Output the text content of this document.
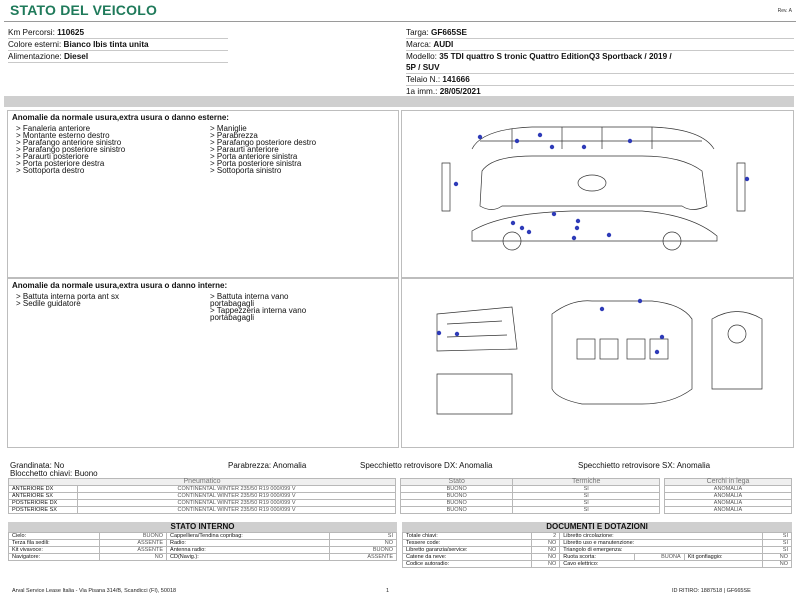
STATO DEL VEICOLO	Rev. A
Km Percorsi: 110625
Colore esterni: Bianco Ibis tinta unita
Alimentazione: Diesel
Targa: GF665SE
Marca: AUDI
Modello: 35 TDI quattro S tronic Quattro EditionQ3 Sportback / 2019 /
5P / SUV
Telaio N.: 141666
1a imm.: 28/05/2021
Anomalie da normale usura,extra usura o danno esterne:
> Fanaleria anteriore
> Montante esterno destro
> Parafango anteriore sinistro
> Parafango posteriore sinistro
> Paraurti posteriore
> Porta posteriore destra
> Sottoporta destro
> Maniglie
> Parabrezza
> Parafango posteriore destro
> Paraurti anteriore
> Porta anteriore sinistra
> Porta posteriore sinistra
> Sottoporta sinistro
Anomalie da normale usura,extra usura o danno interne:
> Battuta interna porta ant sx
> Sedile guidatore
> Battuta interna vano
portabagagli
> Tappezzeria interna vano
portabagagli
Grandinata: No	Parabrezza: Anomalia	Specchietto retrovisore DX: Anomalia	Specchietto retrovisore SX: Anomalia
Blocchetto chiavi: Buono
Pneumatico	
ANTERIORE DX	CONTINENTAL WINTER 235/50 R19 000/099 V
ANTERIORE SX	CONTINENTAL WINTER 235/50 R19 000/099 V
POSTERIORE DX	CONTINENTAL WINTER 235/50 R19 000/099 V
POSTERIORE SX	CONTINENTAL WINTER 235/50 R19 000/099 V
Stato	Termiche
BUONO	SI
BUONO	SI
BUONO	SI
BUONO	SI
Cerchi in lega
ANOMALIA
ANOMALIA
ANOMALIA
ANOMALIA
STATO INTERNO
Cielo:	BUONO	Cappelliera/Tendina copribag:	SI
Terza fila sedili:	ASSENTE	Radio:	NO
Kit vivavoce:	ASSENTE	Antenna radio:	BUONO
Navigatore:	NO	CD(Navig.):	ASSENTE
DOCUMENTI E DOTAZIONI
Totale chiavi:	2	Libretto circolazione:			SI
Tessere code:	NO	Libretto uso e manutenzione:			SI
Libretto garanzia/service:	NO	Triangolo di emergenza:			SI
Catene da neve:	NO	Ruota scorta:	BUONA	Kit gonfiaggio:	NO
Codice autoradio:	NO	Cavo elettrico:			NO
Arval Service Lease Italia - Via Pisana 314/B, Scandicci (FI), 50018	1	ID RITIRO: 1887518 | GF665SE
